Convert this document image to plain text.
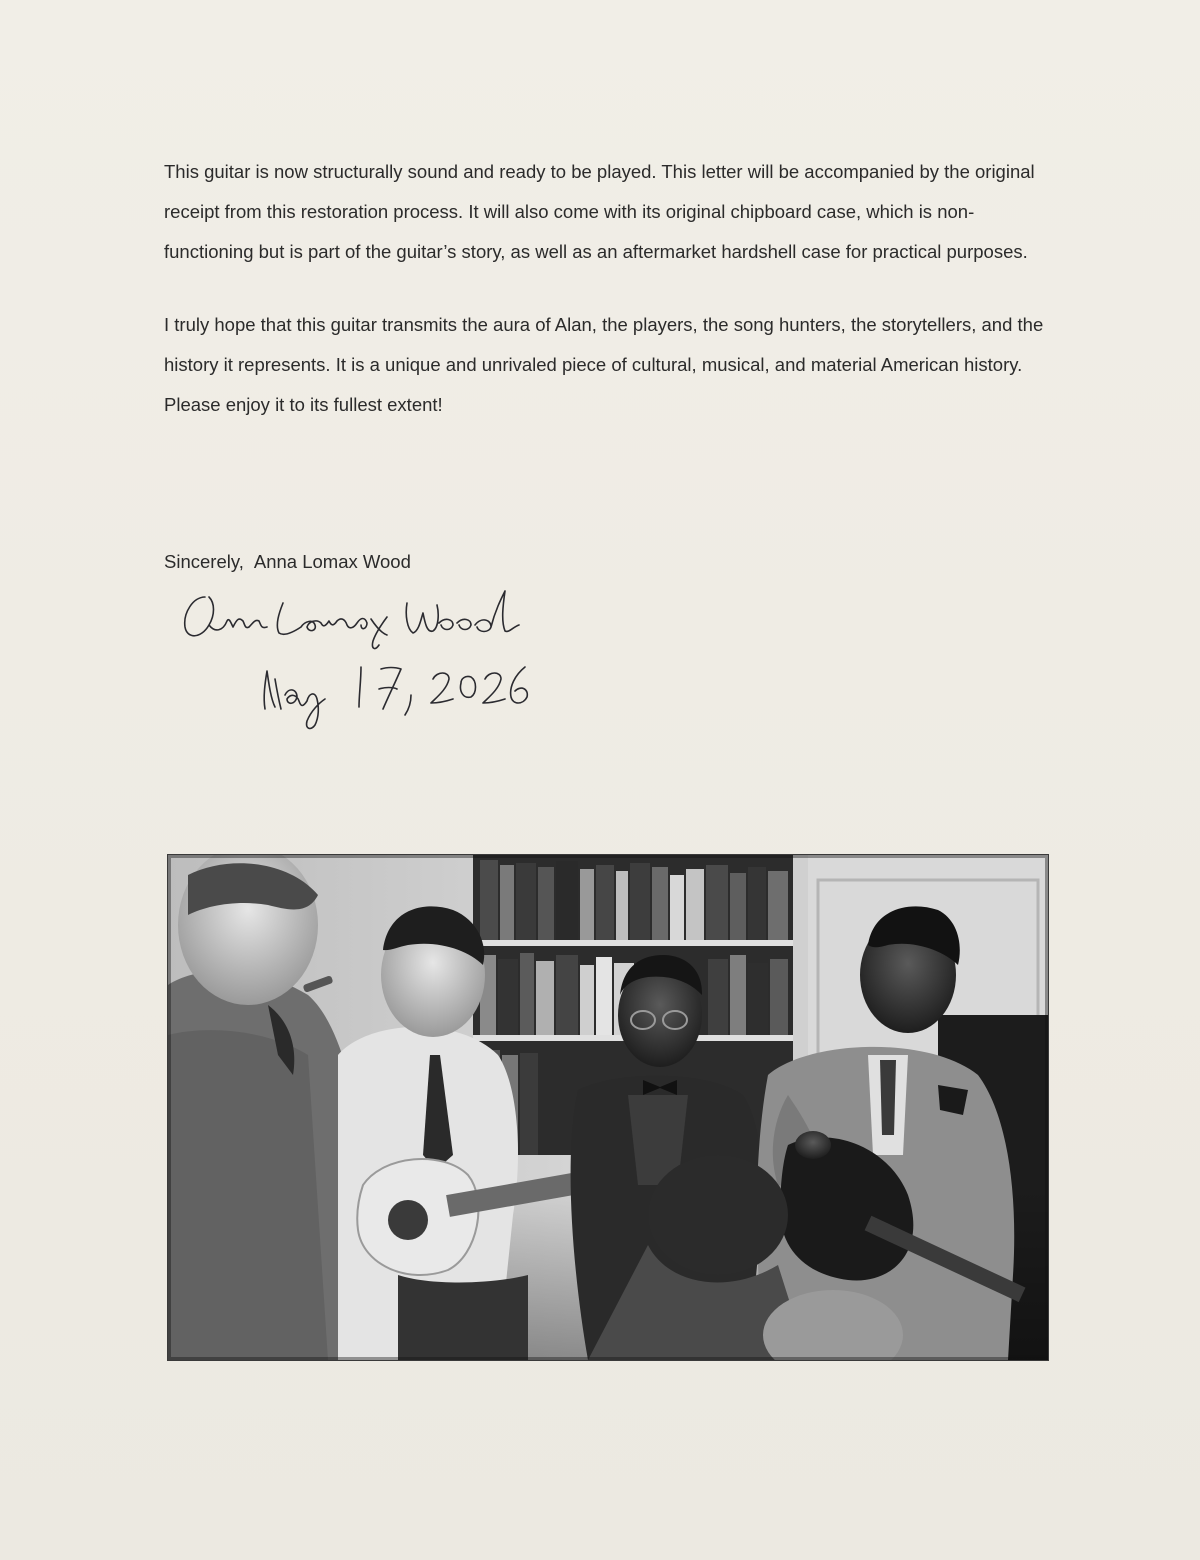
This guitar is now structurally sound and ready to be played. This letter will be accompanied by the original receipt from this restoration process. It will also come with its original chipboard case, which is non-functioning but is part of the guitar’s story, as well as an aftermarket hardshell case for practical purposes.

I truly hope that this guitar transmits the aura of Alan, the players, the song hunters, the storytellers, and the history it represents. It is a unique and unrivaled piece of cultural, musical, and material American history. Please enjoy it to its fullest extent!

Sincerely, Anna Lomax Wood
